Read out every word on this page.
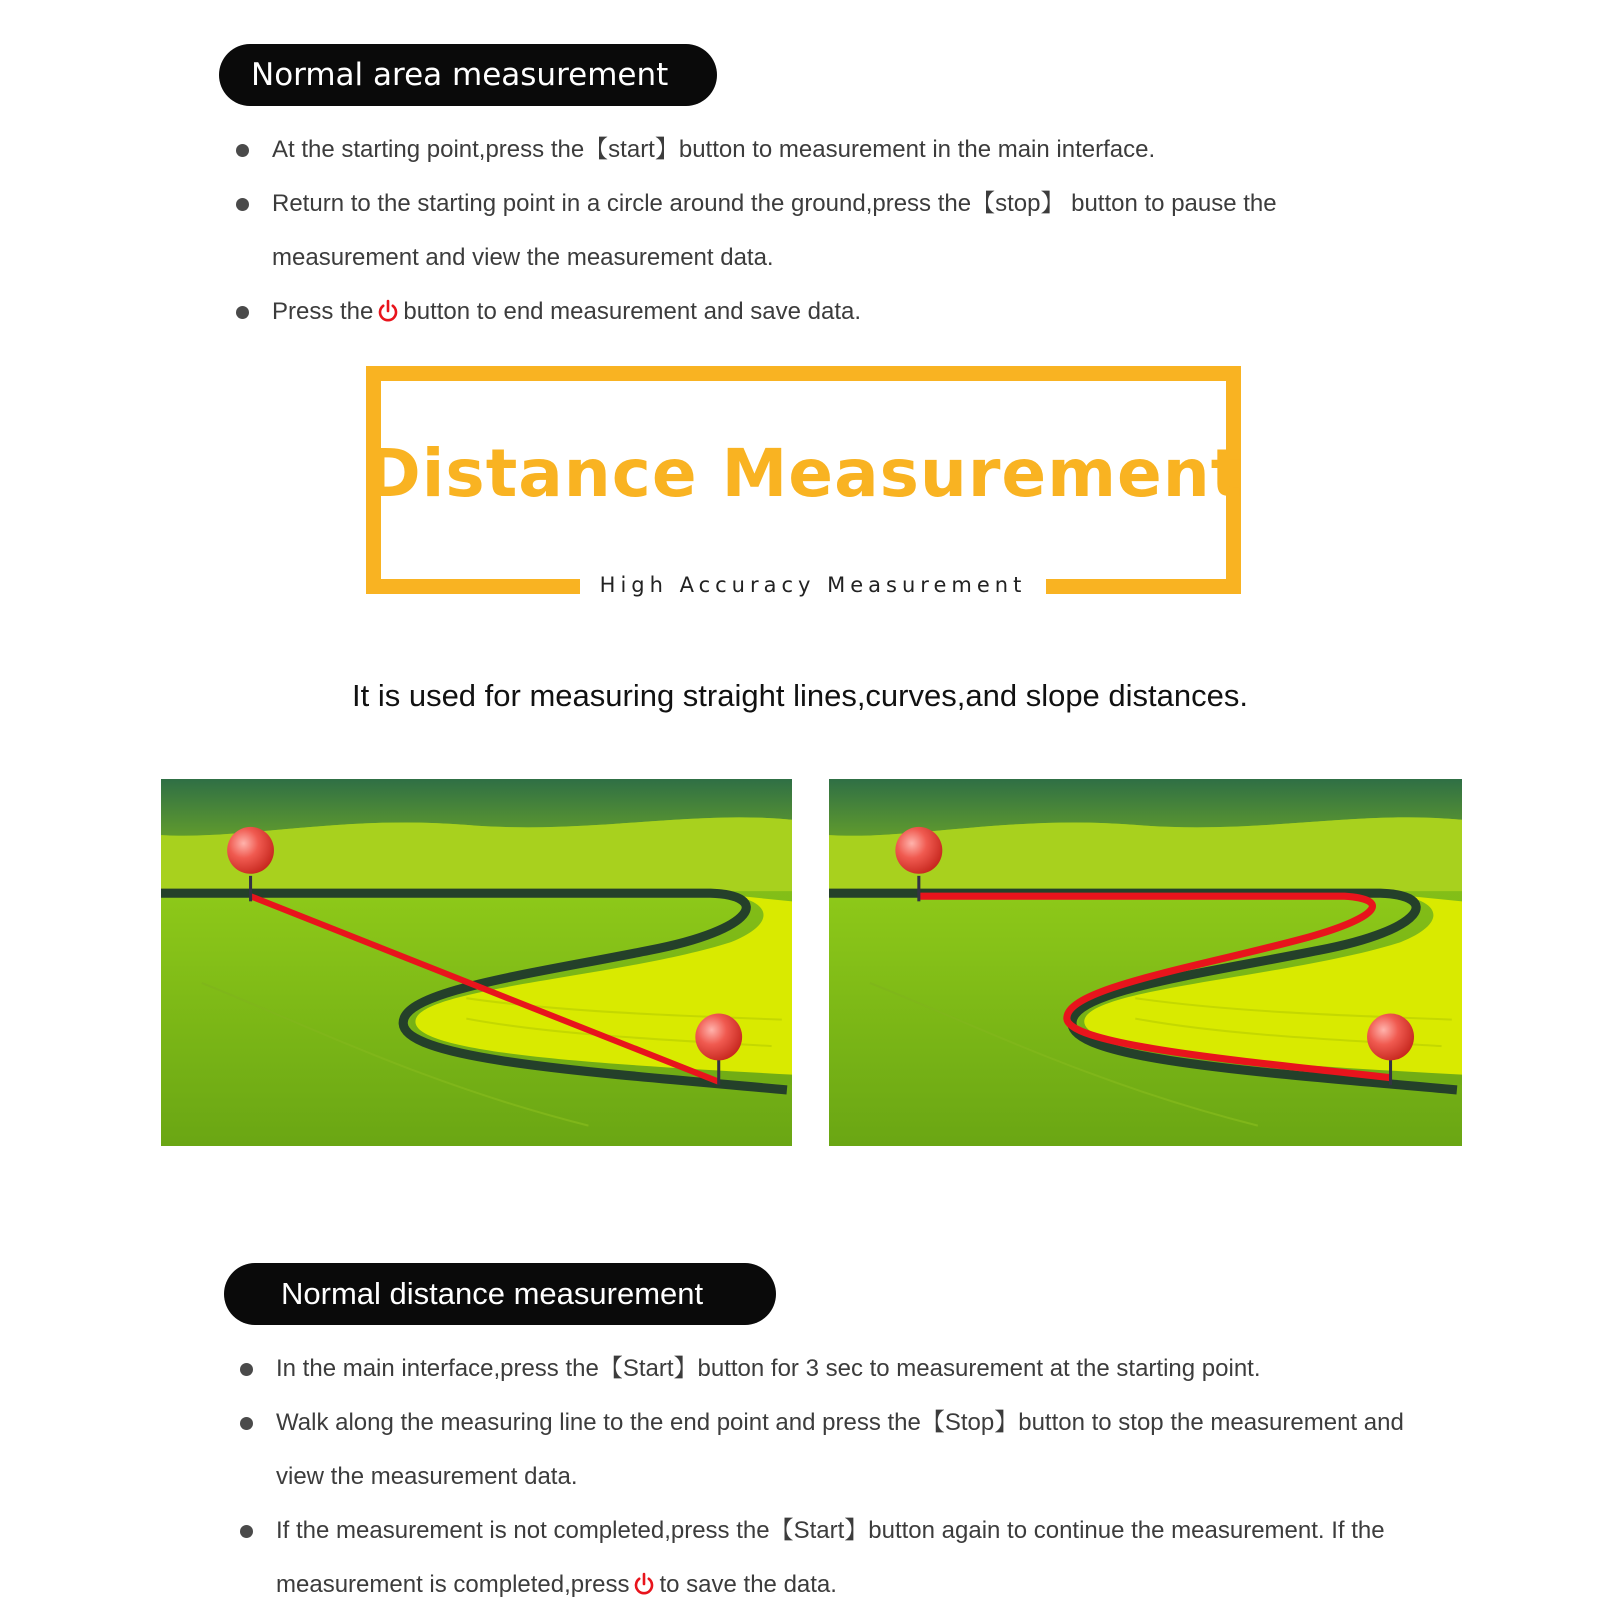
Normal area measurement
At the starting point,press the【start】button to measurement in the main interface.
Return to the starting point in a circle around the ground,press the【stop】 button to pause the measurement and view the measurement data.
Press the button to end measurement and save data.
Distance Measurement
High Accuracy Measurement
It is used for measuring straight lines,curves,and slope distances.
Normal distance measurement
In the main interface,press the【Start】button for 3 sec to measurement at the starting point.
Walk along the measuring line to the end point and press the【Stop】button to stop the measurement and view the measurement data.
If the measurement is not completed,press the【Start】button again to continue the measurement. If the measurement is completed,press to save the data.
